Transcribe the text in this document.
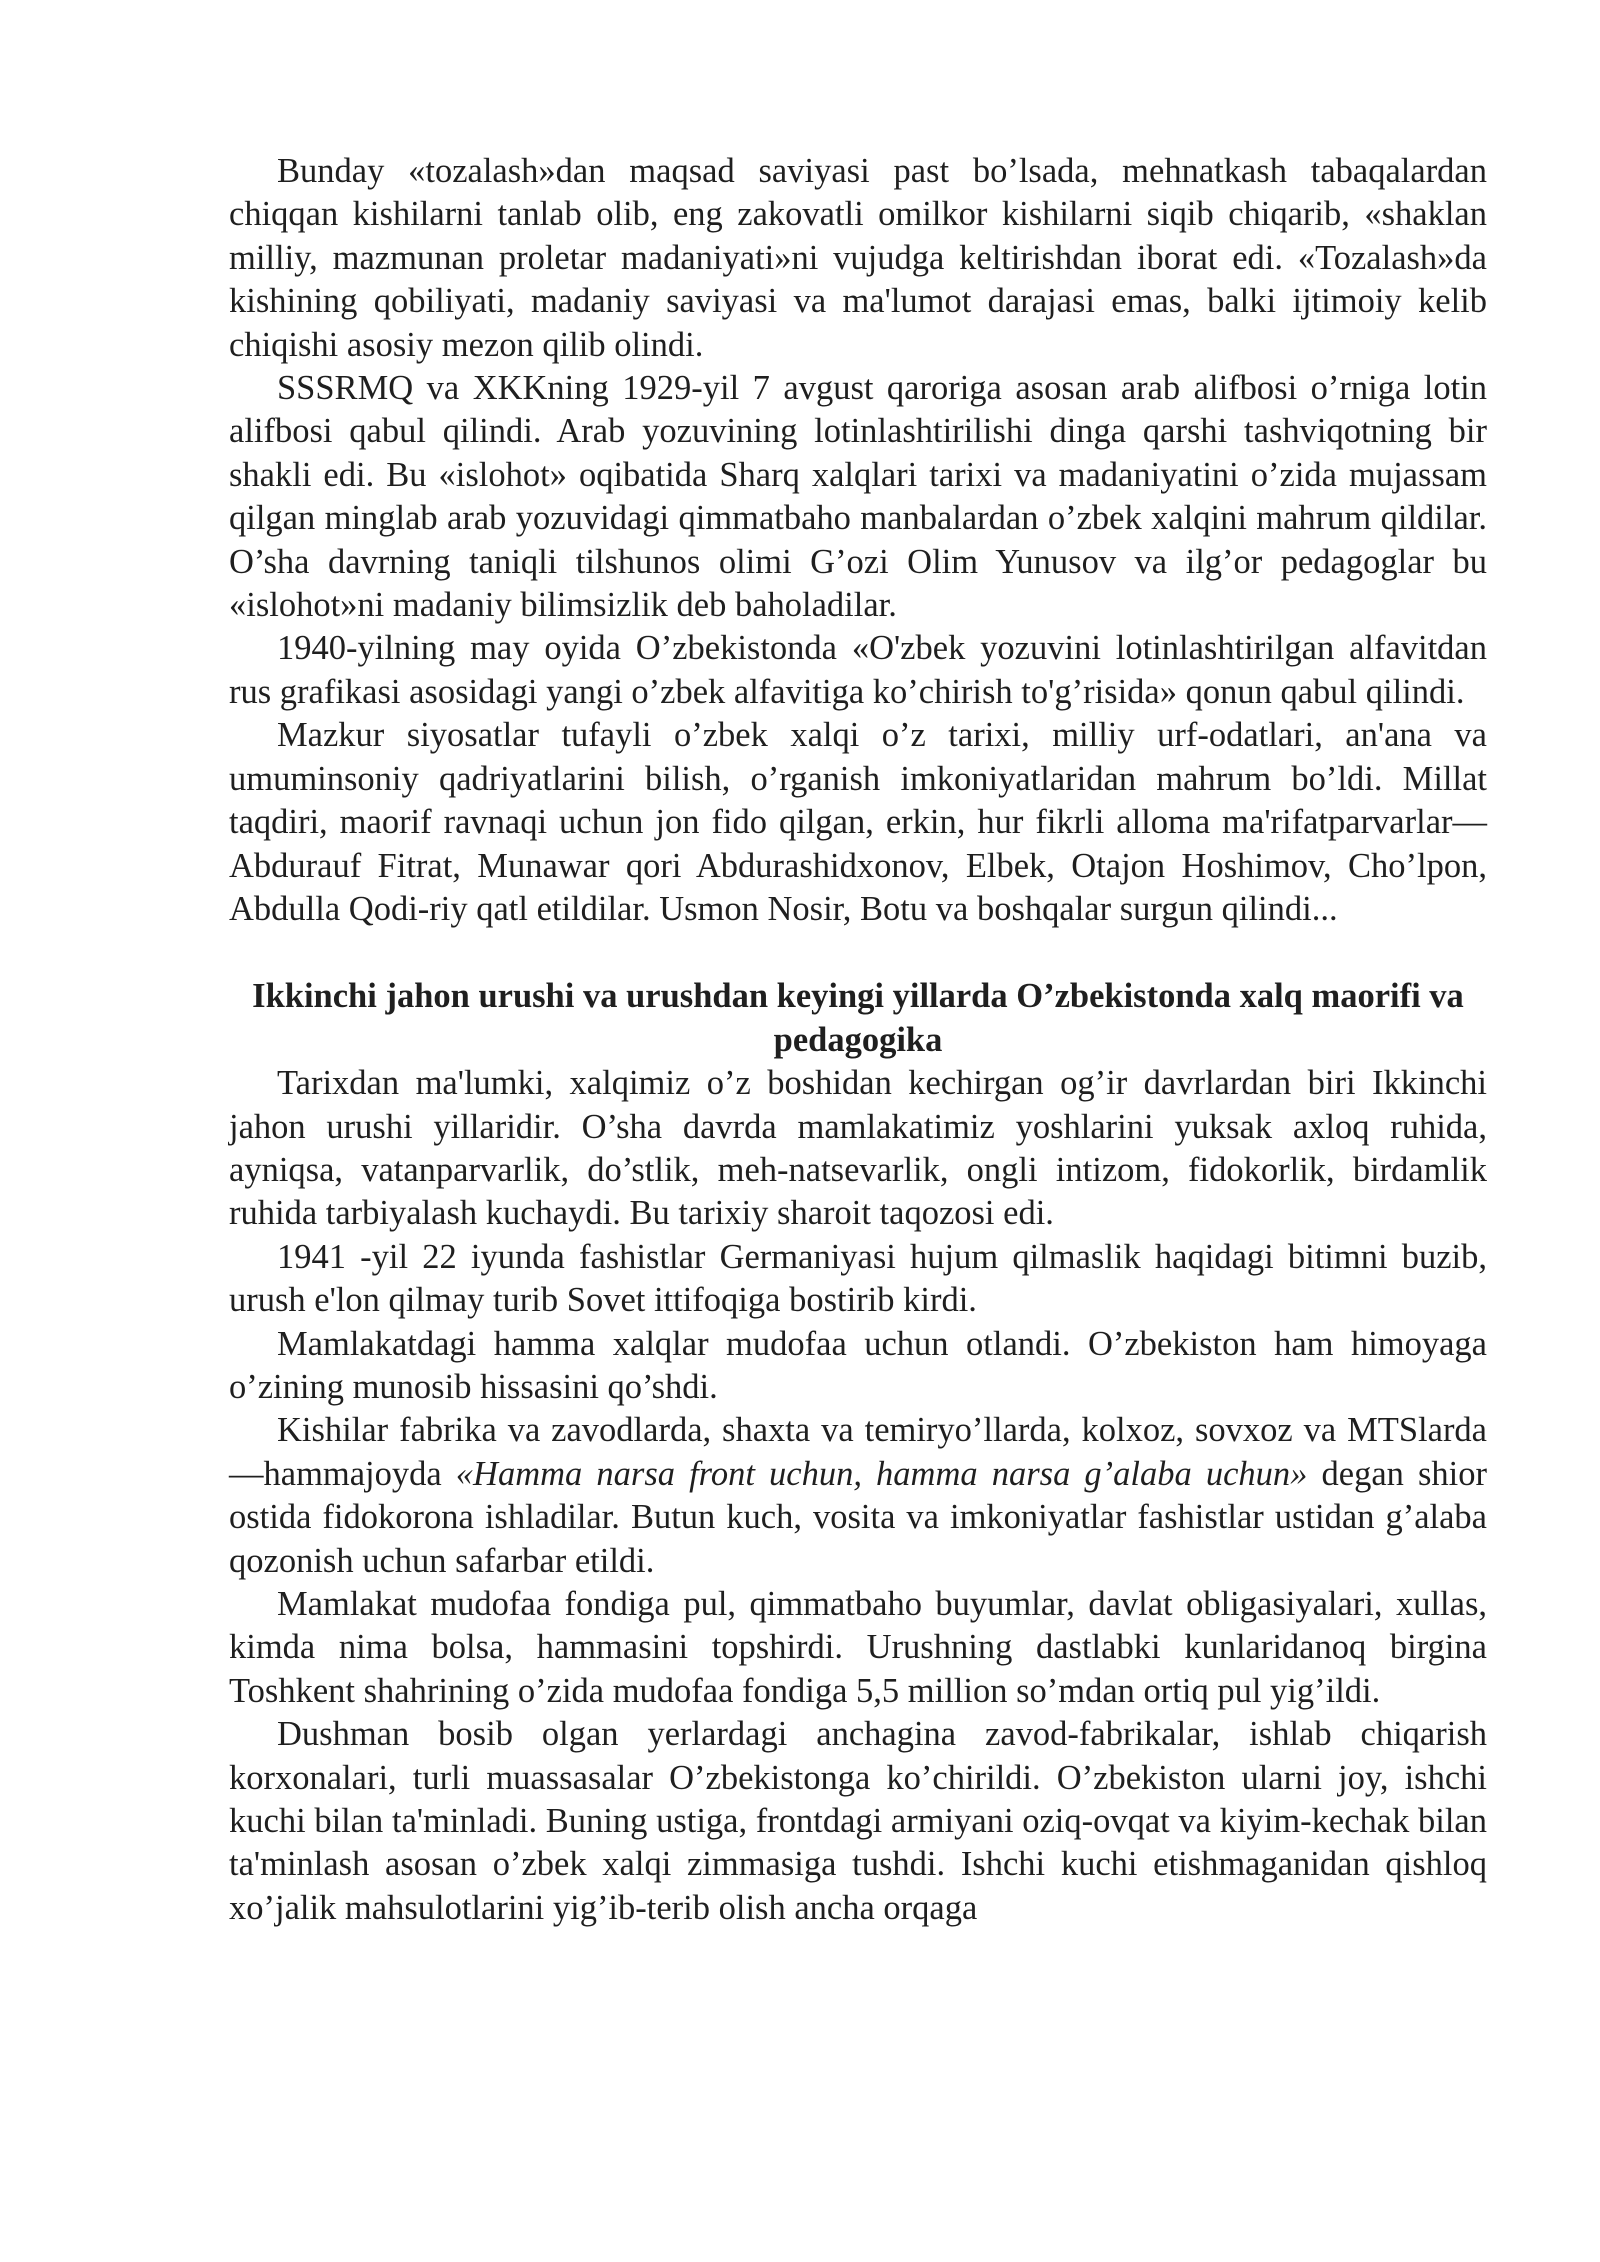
Bunday «tozalash»dan maqsad saviyasi past bo’lsada, mehnatkash tabaqalardan chiqqan kishilarni tanlab olib, eng zakovatli omilkor kishilarni siqib chiqarib, «shaklan milliy, mazmunan proletar madaniyati»ni vujudga keltirishdan iborat edi. «Tozalash»da kishining qobiliyati, madaniy saviyasi va ma'lumot darajasi emas, balki ijtimoiy kelib chiqishi asosiy mezon qilib olindi.

SSSRMQ va XKKning 1929-yil 7 avgust qaroriga asosan arab alifbosi o’rniga lotin alifbosi qabul qilindi. Arab yozuvining lotinlashtirilishi dinga qarshi tashviqotning bir shakli edi. Bu «islohot» oqibatida Sharq xalqlari tarixi va madaniyatini o’zida mujassam qilgan minglab arab yozuvidagi qimmatbaho manbalardan o’zbek xalqini mahrum qildilar. O’sha davrning taniqli tilshunos olimi G’ozi Olim Yunusov va ilg’or pedagoglar bu «islohot»ni madaniy bilimsizlik deb baholadilar.

1940-yilning may oyida O’zbekistonda «O'zbek yozuvini lotinlashtirilgan alfavitdan rus grafikasi asosidagi yangi o’zbek alfavitiga ko’chirish to'g’risida» qonun qabul qilindi.

Mazkur siyosatlar tufayli o’zbek xalqi o’z tarixi, milliy urf-odatlari, an'ana va umuminsoniy qadriyatlarini bilish, o’rganish imkoniyatlaridan mahrum bo’ldi. Millat taqdiri, maorif ravnaqi uchun jon fido qilgan, erkin, hur fikrli alloma ma'rifatparvarlar—Abdurauf Fitrat, Munawar qori Abdurashidxonov, Elbek, Otajon Hoshimov, Cho’lpon, Abdulla Qodi-riy qatl etildilar. Usmon Nosir, Botu va boshqalar surgun qilindi...

Ikkinchi jahon urushi va urushdan keyingi yillarda O’zbekistonda xalq maorifi va pedagogika

Tarixdan ma'lumki, xalqimiz o’z boshidan kechirgan og’ir davrlardan biri Ikkinchi jahon urushi yillaridir. O’sha davrda mamlakatimiz yoshlarini yuksak axloq ruhida, ayniqsa, vatanparvarlik, do’stlik, meh-natsevarlik, ongli intizom, fidokorlik, birdamlik ruhida tarbiyalash kuchaydi. Bu tarixiy sharoit taqozosi edi.

1941 -yil 22 iyunda fashistlar Germaniyasi hujum qilmaslik haqidagi bitimni buzib, urush e'lon qilmay turib Sovet ittifoqiga bostirib kirdi.

Mamlakatdagi hamma xalqlar mudofaa uchun otlandi. O’zbekiston ham himoyaga o’zining munosib hissasini qo’shdi.

Kishilar fabrika va zavodlarda, shaxta va temiryo’llarda, kolxoz, sovxoz va MTSlarda—hammajoyda «Hamma narsa front uchun, hamma narsa g’alaba uchun» degan shior ostida fidokorona ishladilar. Butun kuch, vosita va imkoniyatlar fashistlar ustidan g’alaba qozonish uchun safarbar etildi.

Mamlakat mudofaa fondiga pul, qimmatbaho buyumlar, davlat obligasiyalari, xullas, kimda nima bolsa, hammasini topshirdi. Urushning dastlabki kunlaridanoq birgina Toshkent shahrining o’zida mudofaa fondiga 5,5 million so’mdan ortiq pul yig’ildi.

Dushman bosib olgan yerlardagi anchagina zavod-fabrikalar, ishlab chiqarish korxonalari, turli muassasalar O’zbekistonga ko’chirildi. O’zbekiston ularni joy, ishchi kuchi bilan ta'minladi. Buning ustiga, frontdagi armiyani oziq-ovqat va kiyim-kechak bilan ta'minlash asosan o’zbek xalqi zimmasiga tushdi. Ishchi kuchi etishmaganidan qishloq xo’jalik mahsulotlarini yig’ib-terib olish ancha orqaga
